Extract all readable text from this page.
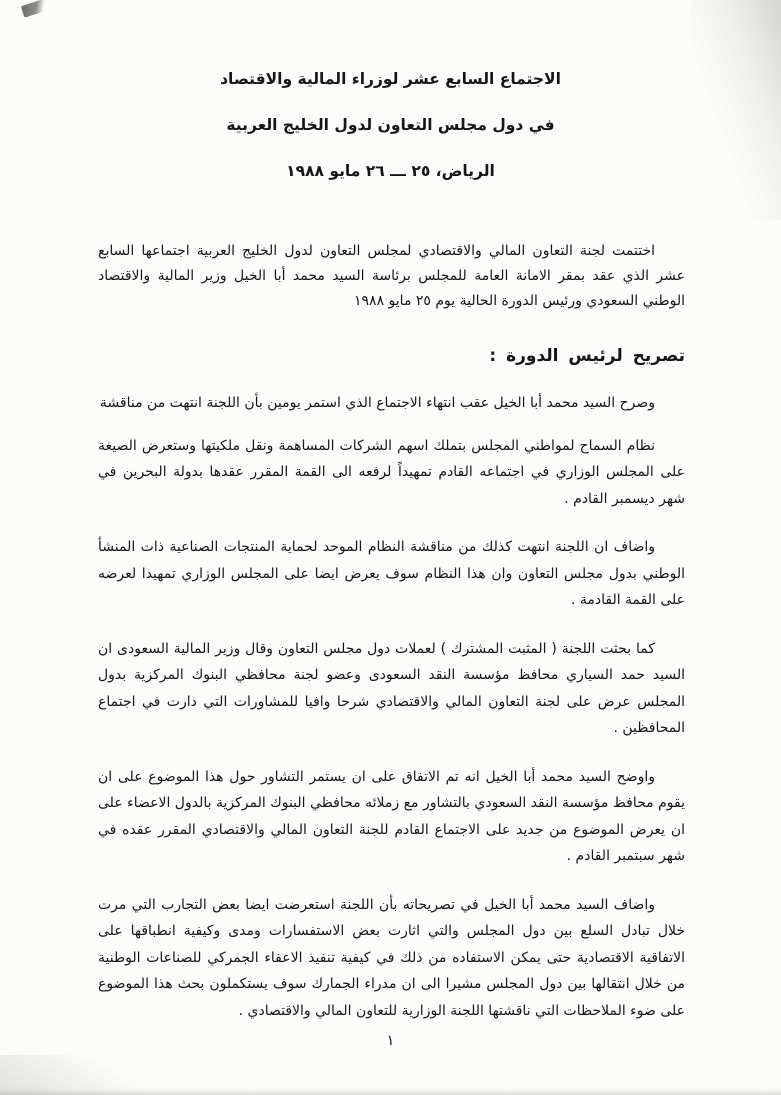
الاجتماع السابع عشر لوزراء المالية والاقتصاد
في دول مجلس التعاون لدول الخليج العربية
الرياض، ٢٥ ـــ ٢٦ مايو ١٩٨٨

اختتمت لجنة التعاون المالي والاقتصادي لمجلس التعاون لدول الخليج العربية اجتماعها السابع عشر الذي عقد بمقر الامانة العامة للمجلس برئاسة السيد محمد أبا الخيل وزير المالية والاقتصاد الوطني السعودي ورئيس الدورة الحالية يوم ٢٥ مايو ١٩٨٨

تصريح لرئيس الدورة :

وصرح السيد محمد أبا الخيل عقب انتهاء الاجتماع الذي استمر يومين بأن اللجنة انتهت من مناقشة

نظام السماح لمواطني المجلس بتملك اسهم الشركات المساهمة ونقل ملكيتها وستعرض الصيغة على المجلس الوزاري في اجتماعه القادم تمهيداً لرفعه الى القمة المقرر عقدها بدولة البحرين في شهر ديسمبر القادم .

واضاف ان اللجنة انتهت كذلك من مناقشة النظام الموحد لحماية المنتجات الصناعية ذات المنشأ الوطني بدول مجلس التعاون وان هذا النظام سوف يعرض ايضا على المجلس الوزاري تمهيدا لعرضه على القمة القادمة .

كما بحثت اللجنة ( المثبت المشترك ) لعملات دول مجلس التعاون وقال وزير المالية السعودى ان السيد حمد السياري محافظ مؤسسة النقد السعودى وعضو لجنة محافظي البنوك المركزية بدول المجلس عرض على لجنة التعاون المالي والاقتصادي شرحا وافيا للمشاورات التي دارت في اجتماع المحافظين .

واوضح السيد محمد أبا الخيل انه تم الاتفاق على ان يستمر التشاور حول هذا الموضوع على ان يقوم محافظ مؤسسة النقد السعودي بالتشاور مع زملائه محافظي البنوك المركزية بالدول الاعضاء على ان يعرض الموضوع من جديد على الاجتماع القادم للجنة التعاون المالي والاقتصادي المقرر عقده في شهر سبتمبر القادم .

واضاف السيد محمد أبا الخيل في تصريحاته بأن اللجنة استعرضت ايضا بعض التجارب التي مرت خلال تبادل السلع بين دول المجلس والتي اثارت بعض الاستفسارات ومدى وكيفية انطباقها على الاتفاقية الاقتصادية حتى يمكن الاستفاده من ذلك في كيفية تنفيذ الاعفاء الجمركي للصناعات الوطنية من خلال انتقالها بين دول المجلس مشيرا الى ان مدراء الجمارك سوف يستكملون بحث هذا الموضوع على ضوء الملاحظات التي ناقشتها اللجنة الوزارية للتعاون المالي والاقتصادي .

١
